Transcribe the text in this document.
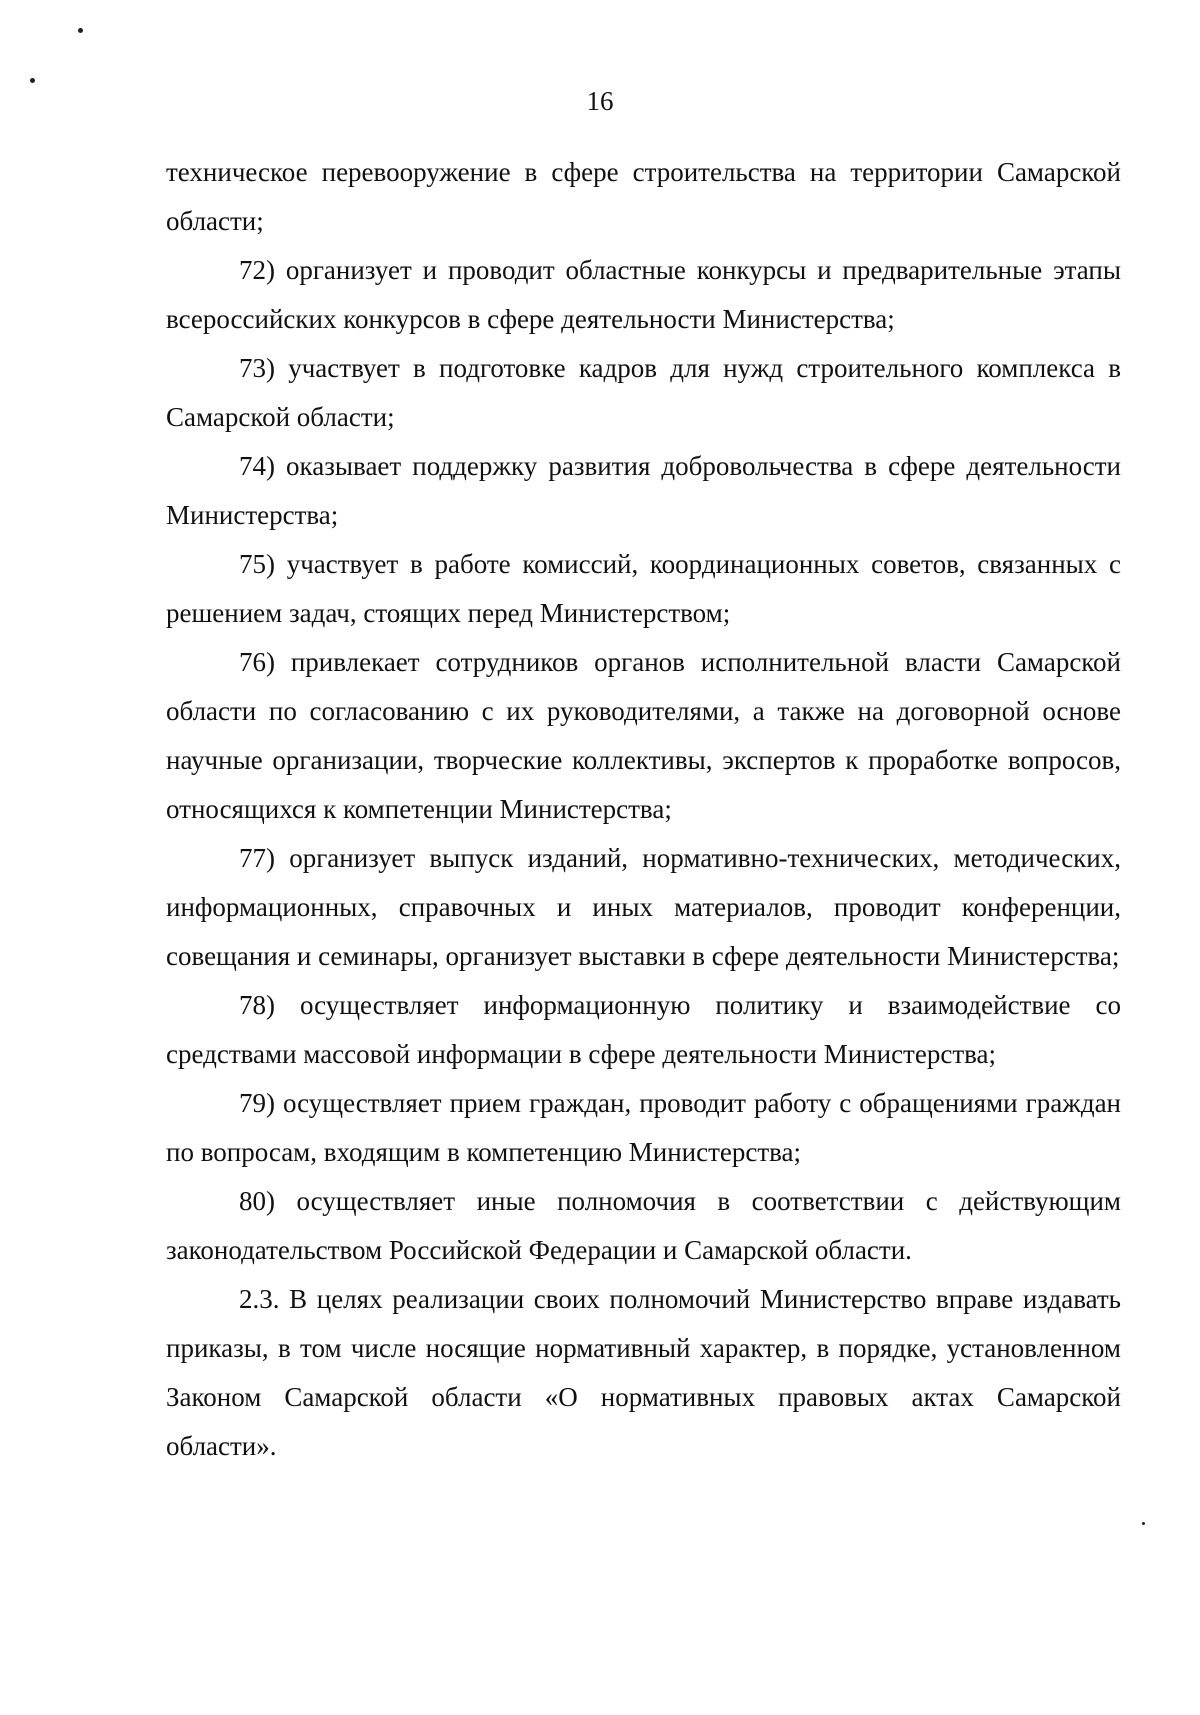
16

техническое перевооружение в сфере строительства на территории Самарской области;

72) организует и проводит областные конкурсы и предварительные этапы всероссийских конкурсов в сфере деятельности Министерства;

73) участвует в подготовке кадров для нужд строительного комплекса в Самарской области;

74) оказывает поддержку развития добровольчества в сфере деятельности Министерства;

75) участвует в работе комиссий, координационных советов, связанных с решением задач, стоящих перед Министерством;

76) привлекает сотрудников органов исполнительной власти Самарской области по согласованию с их руководителями, а также на договорной основе научные организации, творческие коллективы, экспертов к проработке вопросов, относящихся к компетенции Министерства;

77) организует выпуск изданий, нормативно-технических, методических, информационных, справочных и иных материалов, проводит конференции, совещания и семинары, организует выставки в сфере деятельности Министерства;

78) осуществляет информационную политику и взаимодействие со средствами массовой информации в сфере деятельности Министерства;

79) осуществляет прием граждан, проводит работу с обращениями граждан по вопросам, входящим в компетенцию Министерства;

80) осуществляет иные полномочия в соответствии с действующим законодательством Российской Федерации и Самарской области.

2.3. В целях реализации своих полномочий Министерство вправе издавать приказы, в том числе носящие нормативный характер, в порядке, установленном Законом Самарской области «О нормативных правовых актах Самарской области».
